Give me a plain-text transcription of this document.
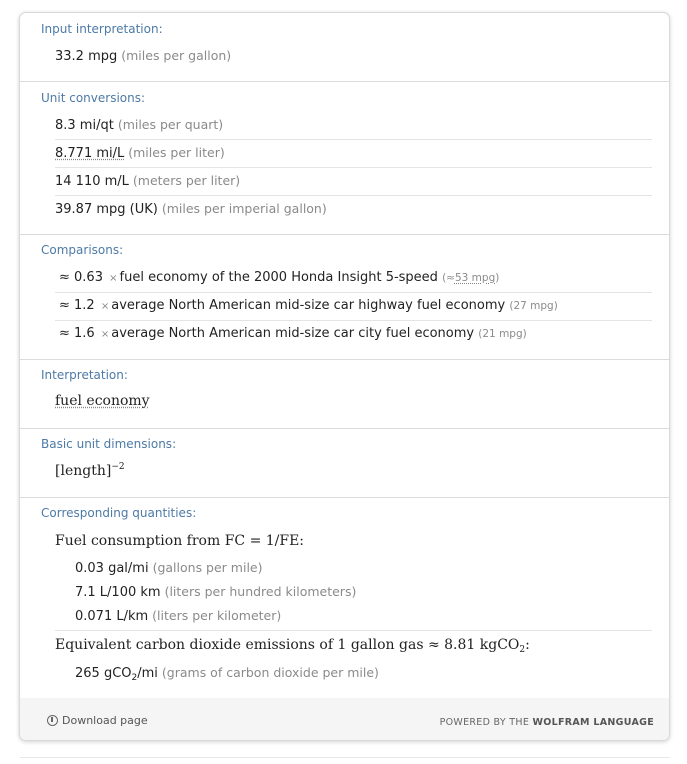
Input interpretation:
33.2 mpg (miles per gallon)
Unit conversions:
8.3 mi/qt (miles per quart)
8.771 mi/L (miles per liter)
14 110 m/L (meters per liter)
39.87 mpg (UK) (miles per imperial gallon)
Comparisons:
≈ 0.63 × fuel economy of the 2000 Honda Insight 5-speed (≈53 mpg)
≈ 1.2 × average North American mid-size car highway fuel economy (27 mpg)
≈ 1.6 × average North American mid-size car city fuel economy (21 mpg)
Interpretation:
fuel economy
Basic unit dimensions:
[length]$^{-2}$
Corresponding quantities:
Fuel consumption from FC = 1/FE:
0.03 gal/mi (gallons per mile)
7.1 L/100 km (liters per hundred kilometers)
0.071 L/km (liters per kilometer)
Equivalent carbon dioxide emissions of 1 gallon gas ≈ 8.81 kgCO$_2$:
265 gCO$_2$/mi (grams of carbon dioxide per mile)
Download page	POWERED BY THE WOLFRAM LANGUAGE
